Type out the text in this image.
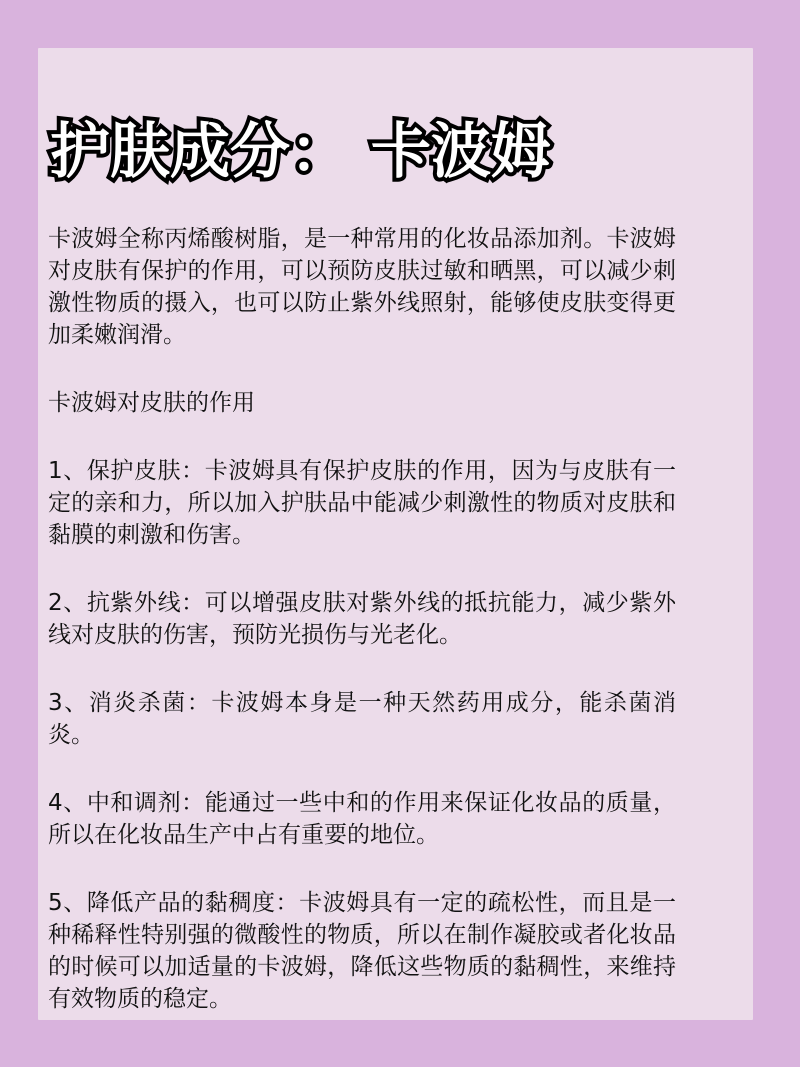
护肤成分： 卡波姆

卡波姆全称丙烯酸树脂，是一种常用的化妆品添加剂。卡波姆对皮肤有保护的作用，可以预防皮肤过敏和晒黑，可以减少刺激性物质的摄入，也可以防止紫外线照射，能够使皮肤变得更加柔嫩润滑。

卡波姆对皮肤的作用

1、保护皮肤：卡波姆具有保护皮肤的作用，因为与皮肤有一定的亲和力，所以加入护肤品中能减少刺激性的物质对皮肤和黏膜的刺激和伤害。

2、抗紫外线：可以增强皮肤对紫外线的抵抗能力，减少紫外线对皮肤的伤害，预防光损伤与光老化。

3、消炎杀菌：卡波姆本身是一种天然药用成分，能杀菌消炎。

4、中和调剂：能通过一些中和的作用来保证化妆品的质量，所以在化妆品生产中占有重要的地位。

5、降低产品的黏稠度：卡波姆具有一定的疏松性，而且是一种稀释性特别强的微酸性的物质，所以在制作凝胶或者化妆品的时候可以加适量的卡波姆，降低这些物质的黏稠性，来维持有效物质的稳定。
